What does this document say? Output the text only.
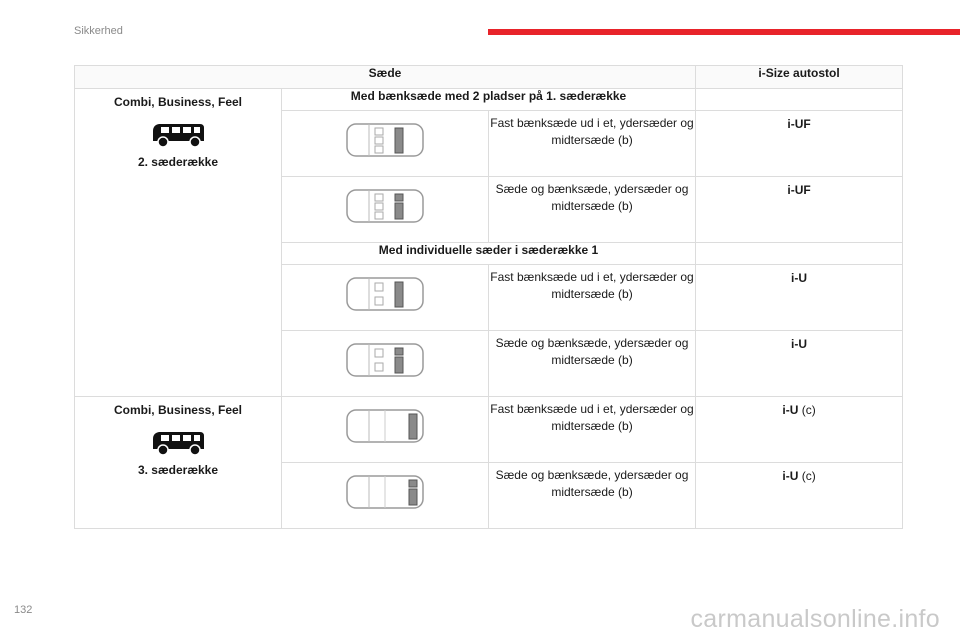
Sikkerhed
Sæde			i-Size autostol

Combi, Business, Feel
2. sæderække	Med bænksæde med 2 pladser på 1. sæderække		

	Fast bænksæde ud i et, ydersæder og midtersæde (b)	i-UF

	Sæde og bænksæde, ydersæder og midtersæde (b)	i-UF
	Med individuelle sæder i sæderække 1		

	Fast bænksæde ud i et, ydersæder og midtersæde (b)	i-U

	Sæde og bænksæde, ydersæder og midtersæde (b)	i-U

Combi, Business, Feel
3. sæderække		Fast bænksæde ud i et, ydersæder og midtersæde (b)	i-U (c)

	Sæde og bænksæde, ydersæder og midtersæde (b)	i-U (c)
132	carmanualsonline.info
